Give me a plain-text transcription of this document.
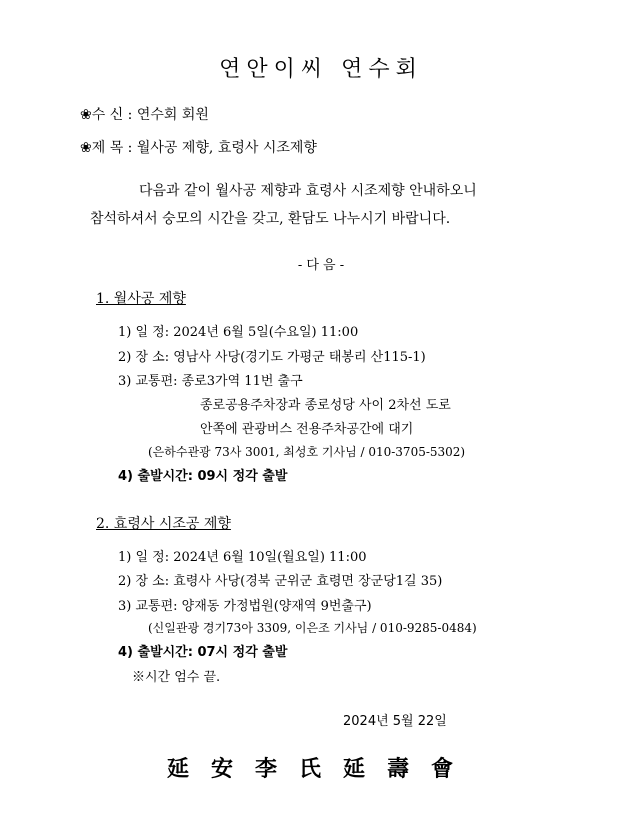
연안이씨 연수회
❀수 신 : 연수회 회원
❀제 목 : 월사공 제향, 효령사 시조제향
다음과 같이 월사공 제향과 효령사 시조제향 안내하오니
참석하셔서 숭모의 시간을 갖고, 환담도 나누시기 바랍니다.
- 다 음 -
1. 월사공 제향
1) 일 정: 2024년 6월 5일(수요일) 11:00
2) 장 소: 영남사 사당(경기도 가평군 태봉리 산115-1)
3) 교통편: 종로3가역 11번 출구
종로공용주차장과 종로성당 사이 2차선 도로
안쪽에 관광버스 전용주차공간에 대기
(은하수관광 73사 3001, 최성호 기사님 / 010-3705-5302)
4) 출발시간: 09시 정각 출발
2. 효령사 시조공 제향
1) 일 정: 2024년 6월 10일(월요일) 11:00
2) 장 소: 효령사 사당(경북 군위군 효령면 장군당1길 35)
3) 교통편: 양재동 가정법원(양재역 9번출구)
(신일관광 경기73아 3309, 이은조 기사님 / 010-9285-0484)
4) 출발시간: 07시 정각 출발
※시간 엄수 끝.
2024년 5월 22일
延安李氏延壽會
